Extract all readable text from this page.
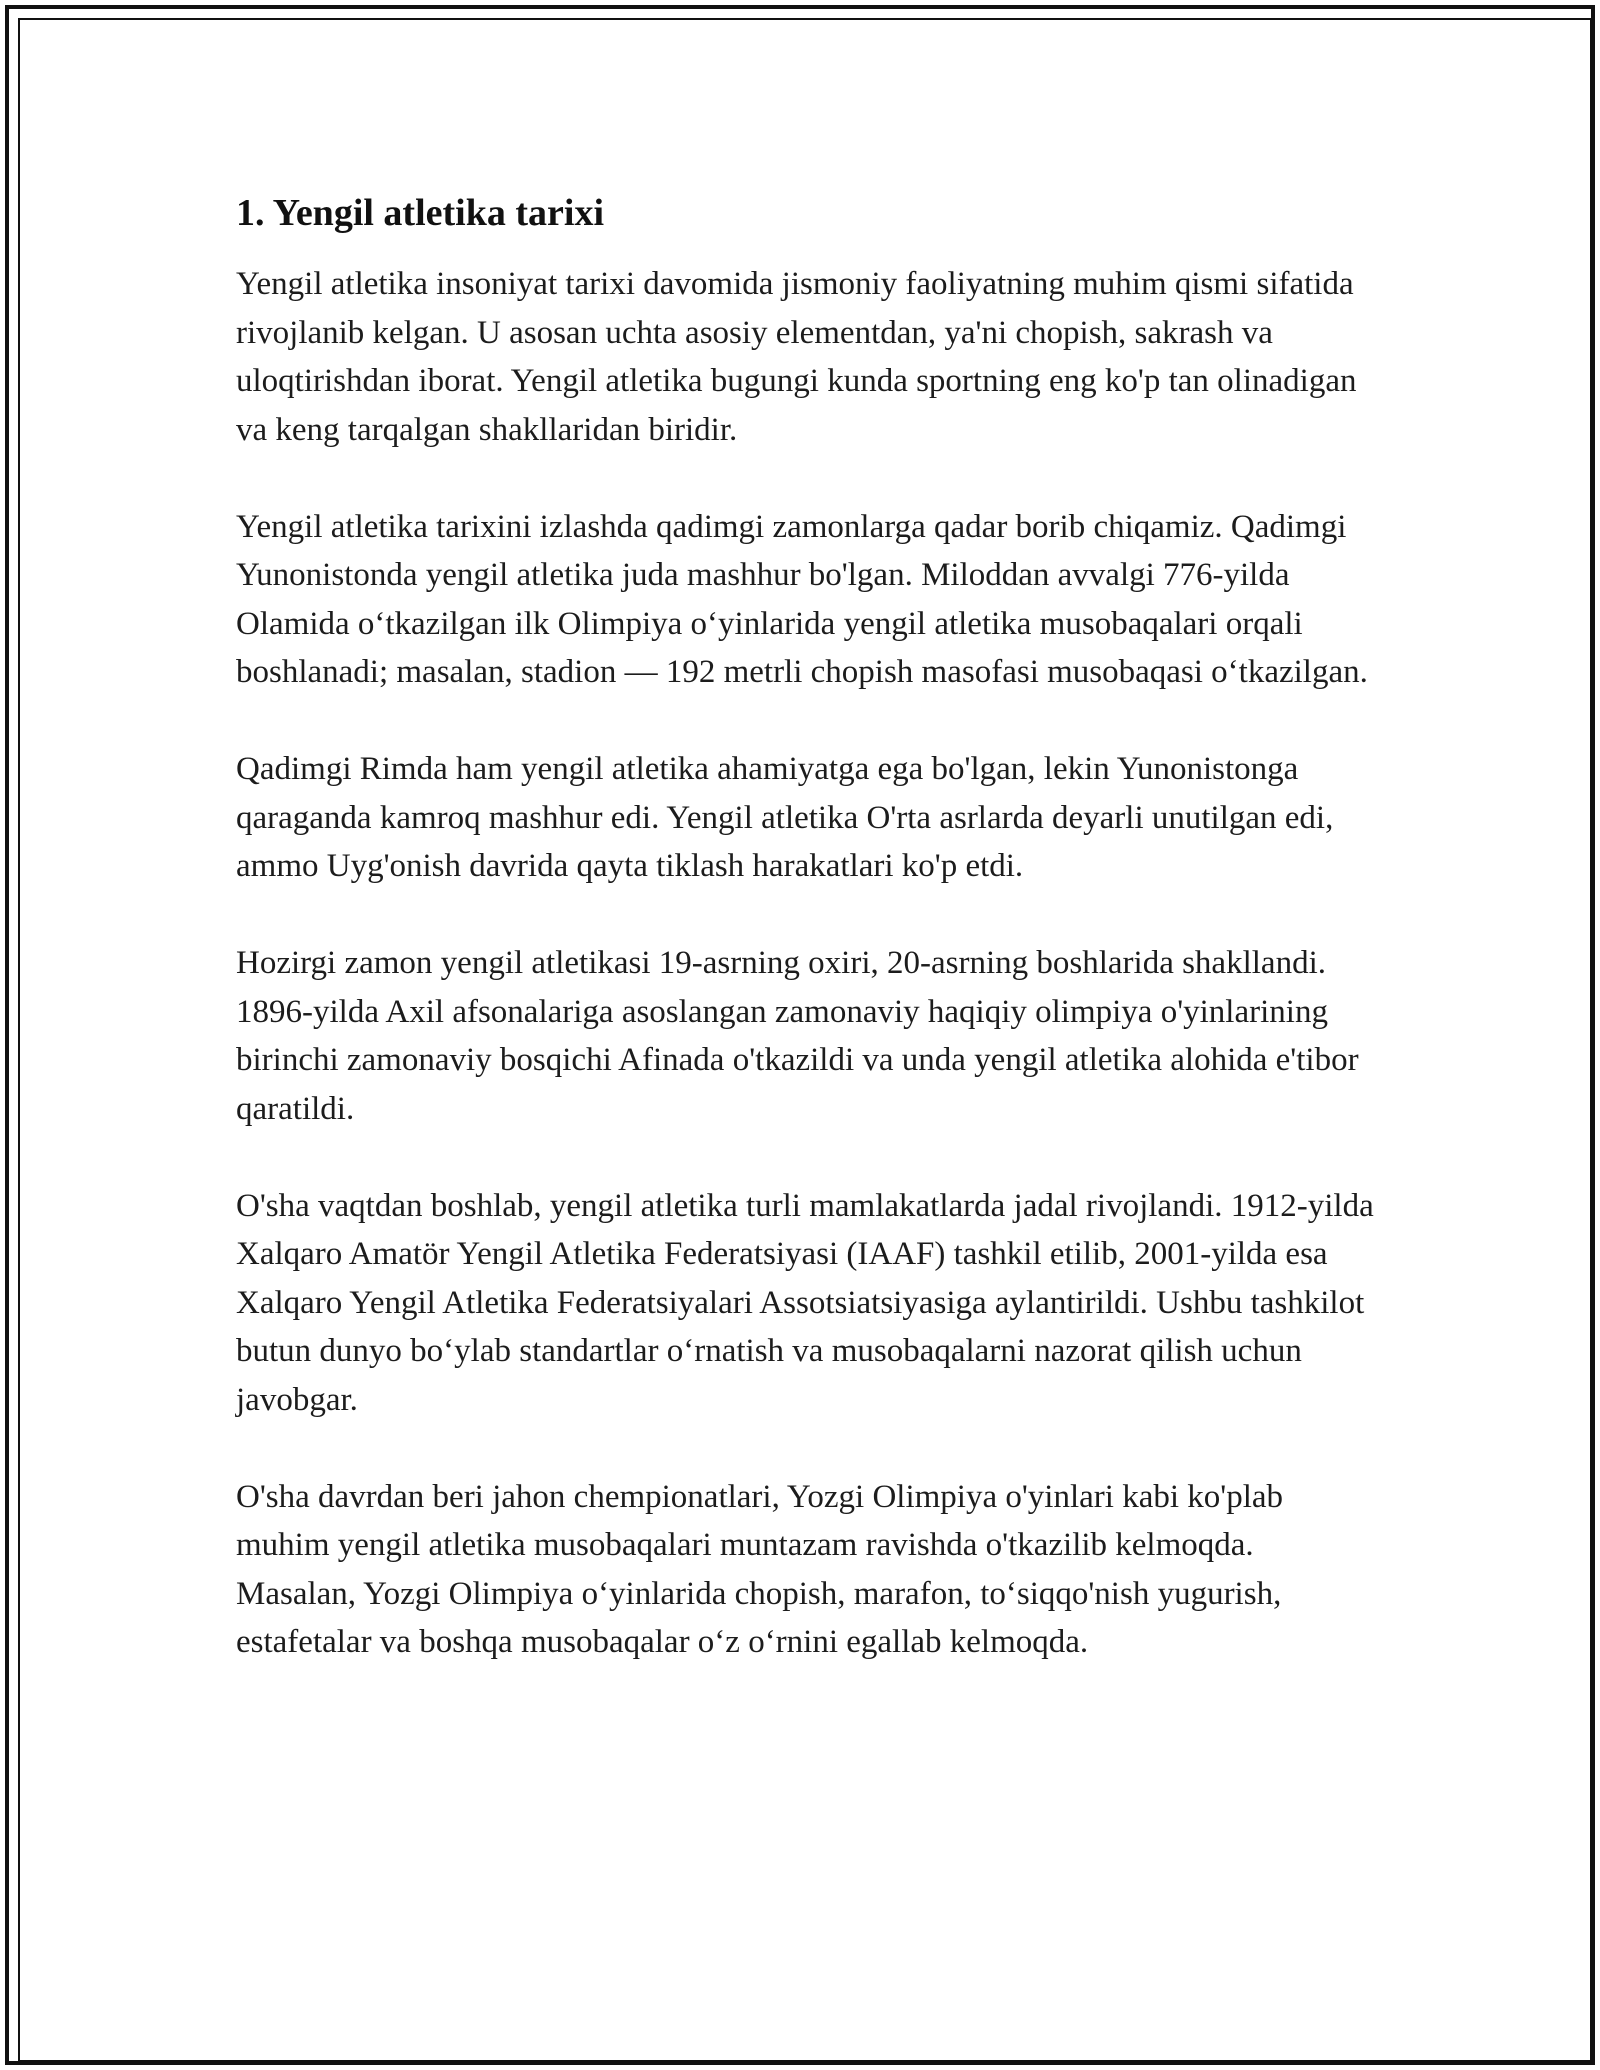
1. Yengil atletika tarixi

Yengil atletika insoniyat tarixi davomida jismoniy faoliyatning muhim qismi sifatida rivojlanib kelgan. U asosan uchta asosiy elementdan, ya'ni chopish, sakrash va uloqtirishdan iborat. Yengil atletika bugungi kunda sportning eng ko'p tan olinadigan va keng tarqalgan shakllaridan biridir.

Yengil atletika tarixini izlashda qadimgi zamonlarga qadar borib chiqamiz. Qadimgi Yunonistonda yengil atletika juda mashhur bo'lgan. Miloddan avvalgi 776-yilda Olamida o‘tkazilgan ilk Olimpiya o‘yinlarida yengil atletika musobaqalari orqali boshlanadi; masalan, stadion — 192 metrli chopish masofasi musobaqasi o‘tkazilgan.

Qadimgi Rimda ham yengil atletika ahamiyatga ega bo'lgan, lekin Yunonistonga qaraganda kamroq mashhur edi. Yengil atletika O'rta asrlarda deyarli unutilgan edi, ammo Uyg'onish davrida qayta tiklash harakatlari ko'p etdi.

Hozirgi zamon yengil atletikasi 19-asrning oxiri, 20-asrning boshlarida shakllandi. 1896-yilda Axil afsonalariga asoslangan zamonaviy haqiqiy olimpiya o'yinlarining birinchi zamonaviy bosqichi Afinada o'tkazildi va unda yengil atletika alohida e'tibor qaratildi.

O'sha vaqtdan boshlab, yengil atletika turli mamlakatlarda jadal rivojlandi. 1912-yilda Xalqaro Amatör Yengil Atletika Federatsiyasi (IAAF) tashkil etilib, 2001-yilda esa Xalqaro Yengil Atletika Federatsiyalari Assotsiatsiyasiga aylantirildi. Ushbu tashkilot butun dunyo bo‘ylab standartlar o‘rnatish va musobaqalarni nazorat qilish uchun javobgar.

O'sha davrdan beri jahon chempionatlari, Yozgi Olimpiya o'yinlari kabi ko'plab muhim yengil atletika musobaqalari muntazam ravishda o'tkazilib kelmoqda. Masalan, Yozgi Olimpiya o‘yinlarida chopish, marafon, to‘siqqo'nish yugurish, estafetalar va boshqa musobaqalar o‘z o‘rnini egallab kelmoqda.
